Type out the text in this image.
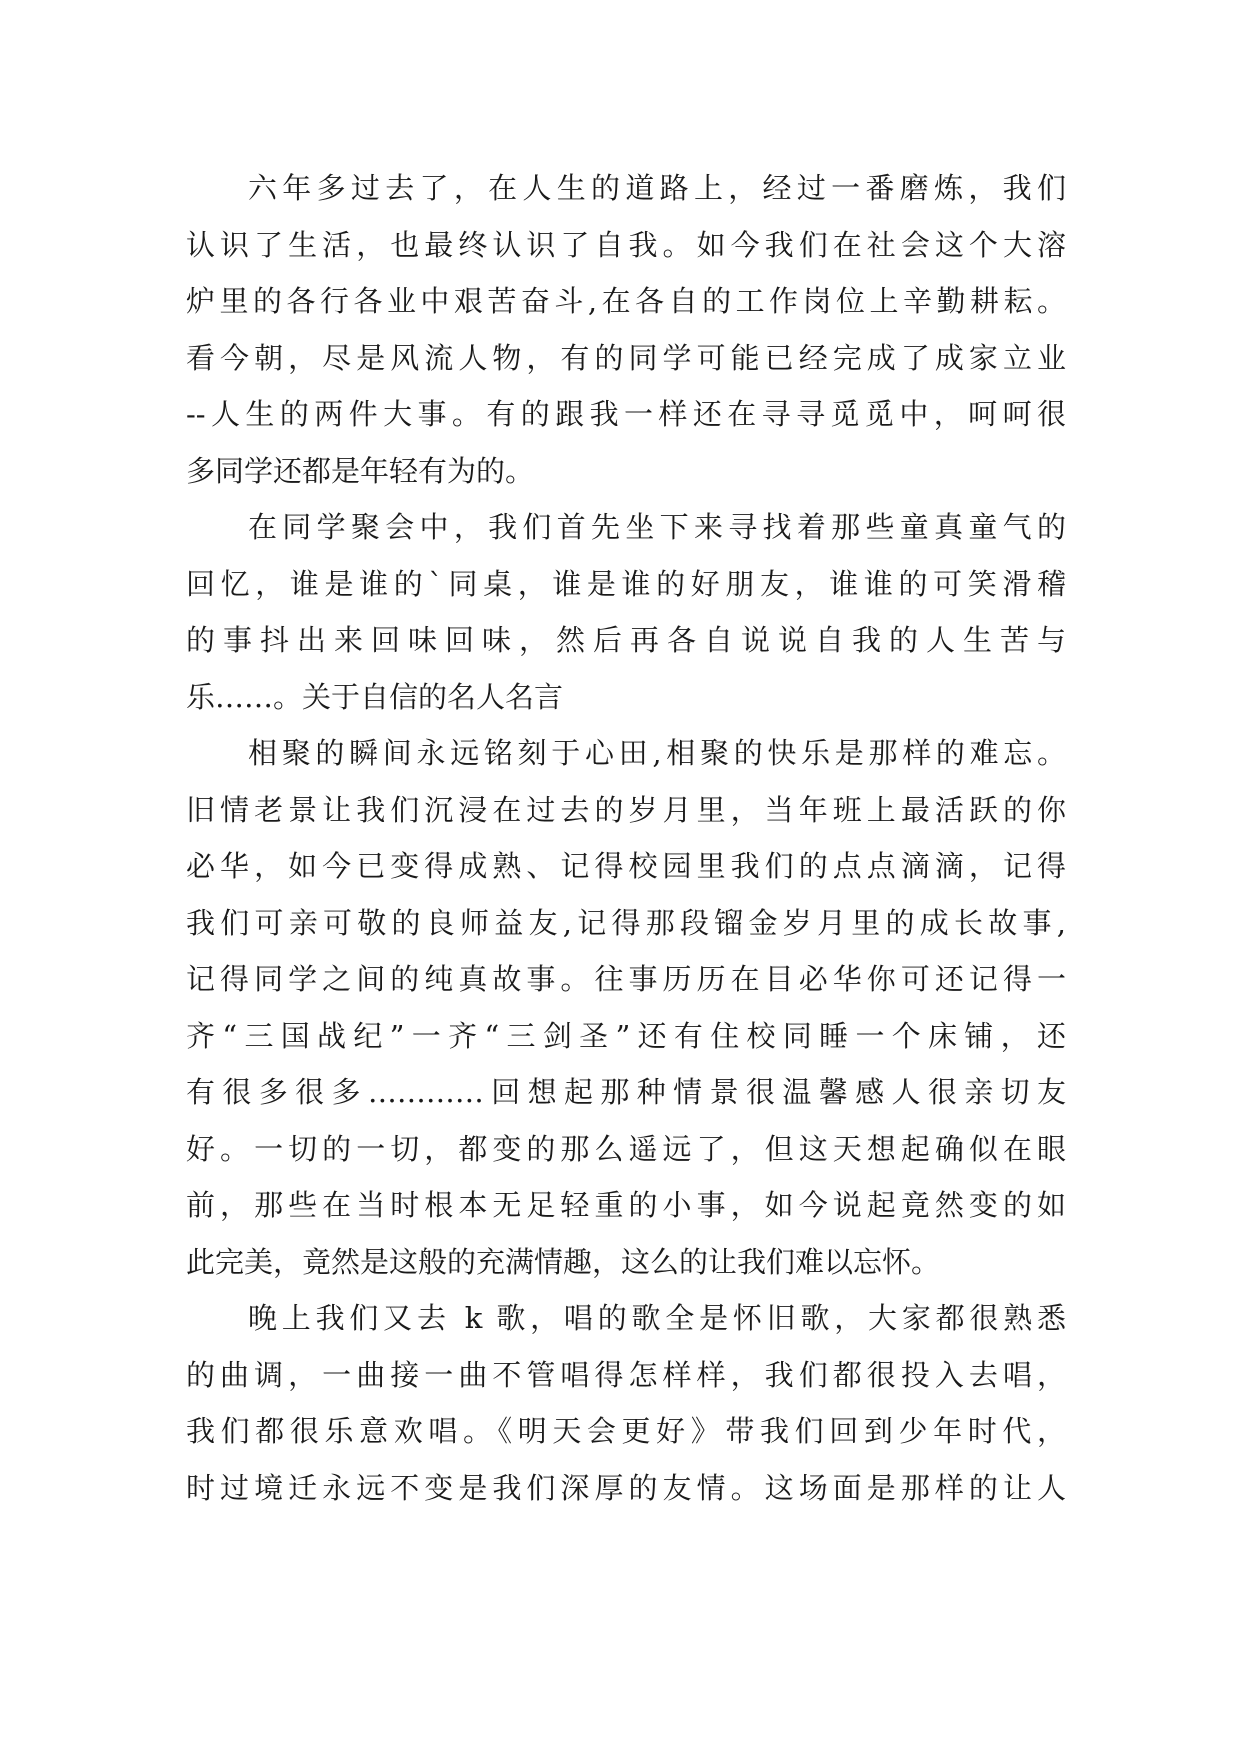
六年多过去了，在人生的道路上，经过一番磨炼，我们
认识了生活，也最终认识了自我。如今我们在社会这个大溶
炉里的各行各业中艰苦奋斗,在各自的工作岗位上辛勤耕耘。
看今朝，尽是风流人物，有的同学可能已经完成了成家立业
--人生的两件大事。有的跟我一样还在寻寻觅觅中，呵呵很
多同学还都是年轻有为的。
在同学聚会中，我们首先坐下来寻找着那些童真童气的
回忆，谁是谁的`同桌，谁是谁的好朋友，谁谁的可笑滑稽
的事抖出来回味回味，然后再各自说说自我的人生苦与
乐……。关于自信的名人名言
相聚的瞬间永远铭刻于心田,相聚的快乐是那样的难忘。
旧情老景让我们沉浸在过去的岁月里，当年班上最活跃的你
必华，如今已变得成熟、记得校园里我们的点点滴滴，记得
我们可亲可敬的良师益友,记得那段镏金岁月里的成长故事,
记得同学之间的纯真故事。往事历历在目必华你可还记得一
齐“三国战纪”一齐“三剑圣”还有住校同睡一个床铺，还
有很多很多…………回想起那种情景很温馨感人很亲切友
好。一切的一切，都变的那么遥远了，但这天想起确似在眼
前，那些在当时根本无足轻重的小事，如今说起竟然变的如
此完美，竟然是这般的充满情趣，这么的让我们难以忘怀。
晚上我们又去 k 歌，唱的歌全是怀旧歌，大家都很熟悉
的曲调，一曲接一曲不管唱得怎样样，我们都很投入去唱，
我们都很乐意欢唱。《明天会更好》带我们回到少年时代，
时过境迁永远不变是我们深厚的友情。这场面是那样的让人
